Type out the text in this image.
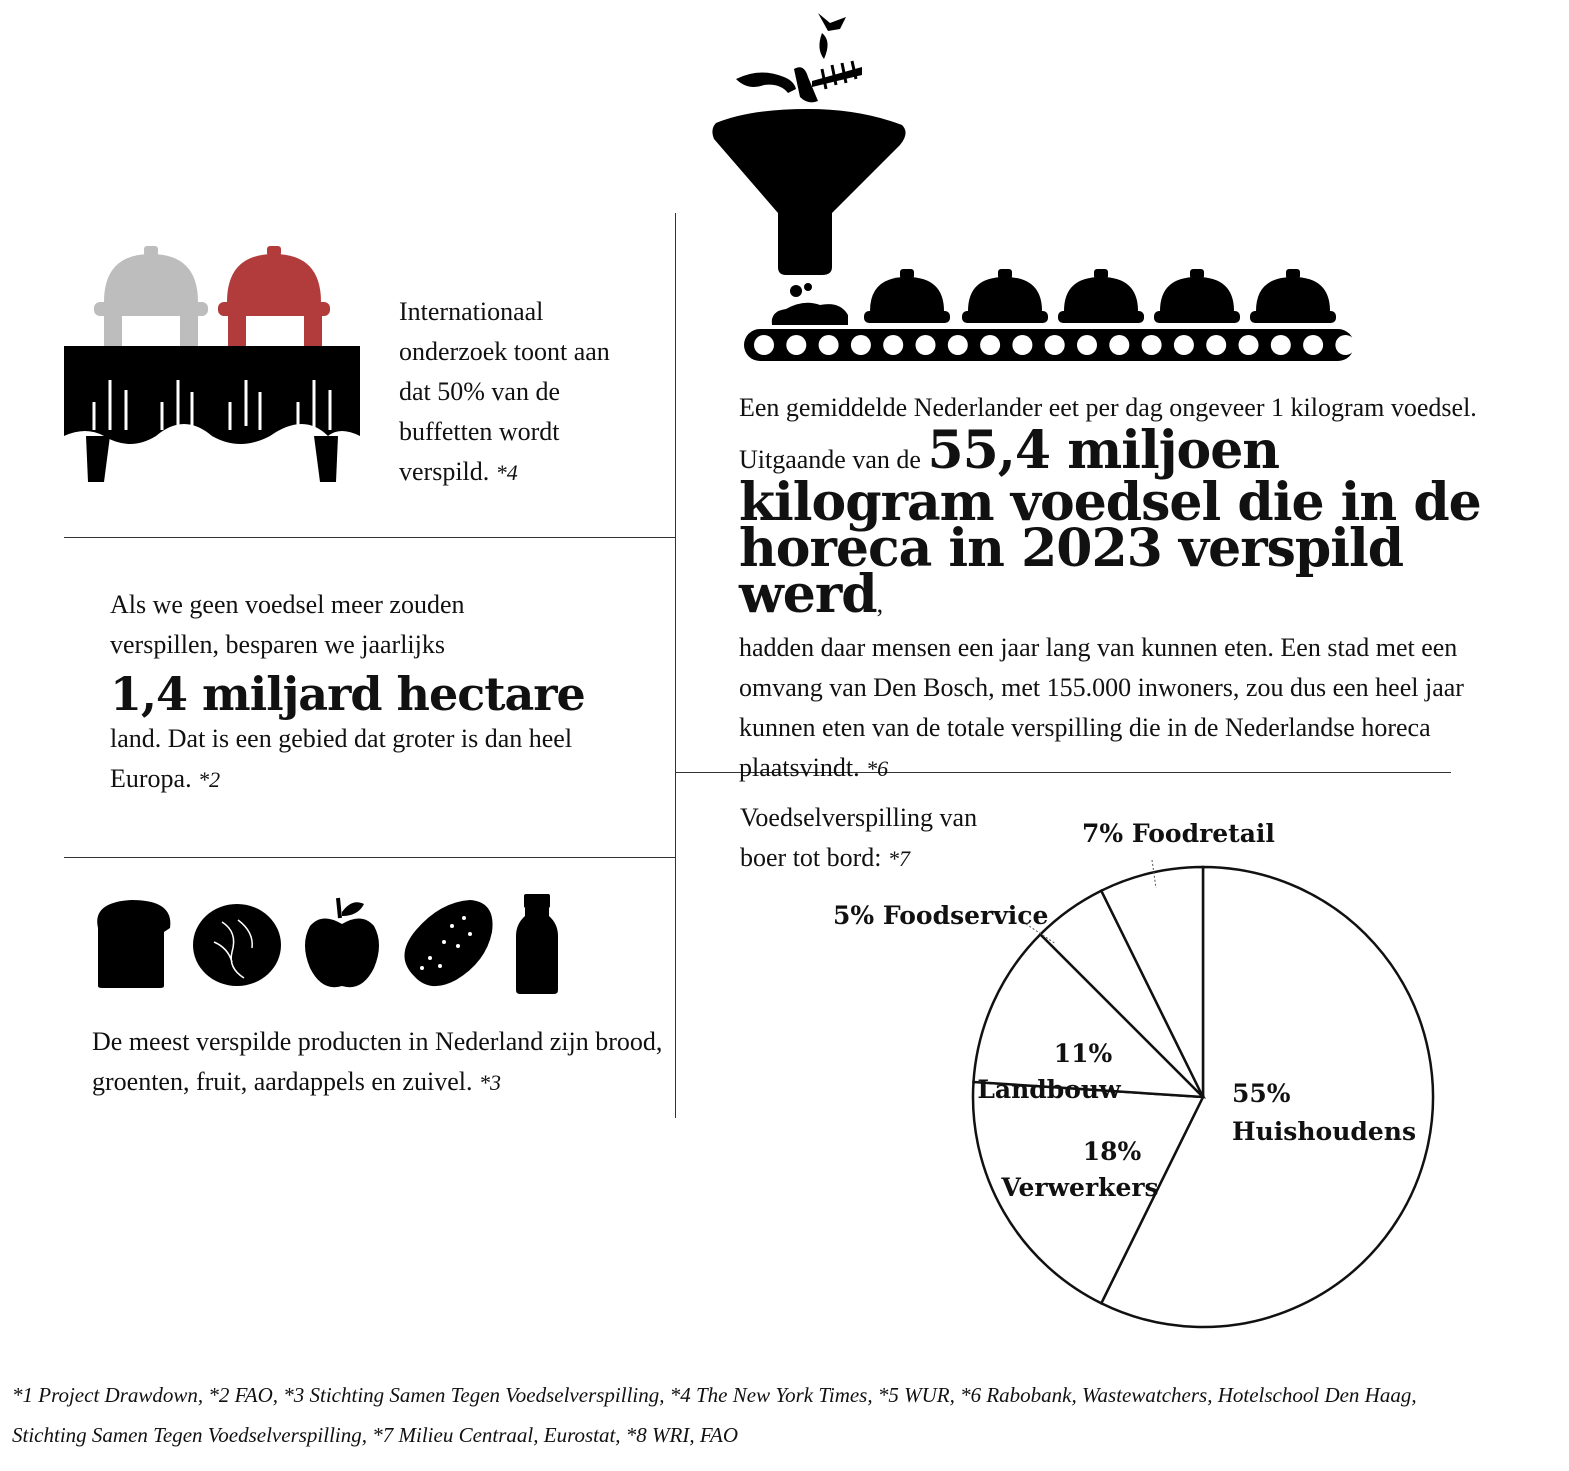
Internationaal onderzoek toont aan dat 50% van de buffetten wordt verspild. *4
Als we geen voedsel meer zouden verspillen, besparen we jaarlijks
1,4 miljard hectare
land. Dat is een gebied dat groter is dan heel Europa. *2
De meest verspilde producten in Nederland zijn brood, groenten, fruit, aardappels en zuivel. *3
Een gemiddelde Nederlander eet per dag ongeveer 1 kilogram voedsel. Uitgaande van de 55,4 miljoen kilogram voedsel die in de horeca in 2023 verspild werd,
hadden daar mensen een jaar lang van kunnen eten. Een stad met een omvang van Den Bosch, met 155.000 inwoners, zou dus een heel jaar kunnen eten van de totale verspilling die in de Nederlandse horeca plaatsvindt. *6
Voedselverspilling van boer tot bord: *7
55%
Huishoudens
18%
Verwerkers
11%
Landbouw
5% Foodservice
7% Foodretail
*1 Project Drawdown, *2 FAO, *3 Stichting Samen Tegen Voedselverspilling, *4 The New York Times, *5 WUR, *6 Rabobank, Wastewatchers, Hotelschool Den Haag,
Stichting Samen Tegen Voedselverspilling, *7 Milieu Centraal, Eurostat, *8 WRI, FAO
